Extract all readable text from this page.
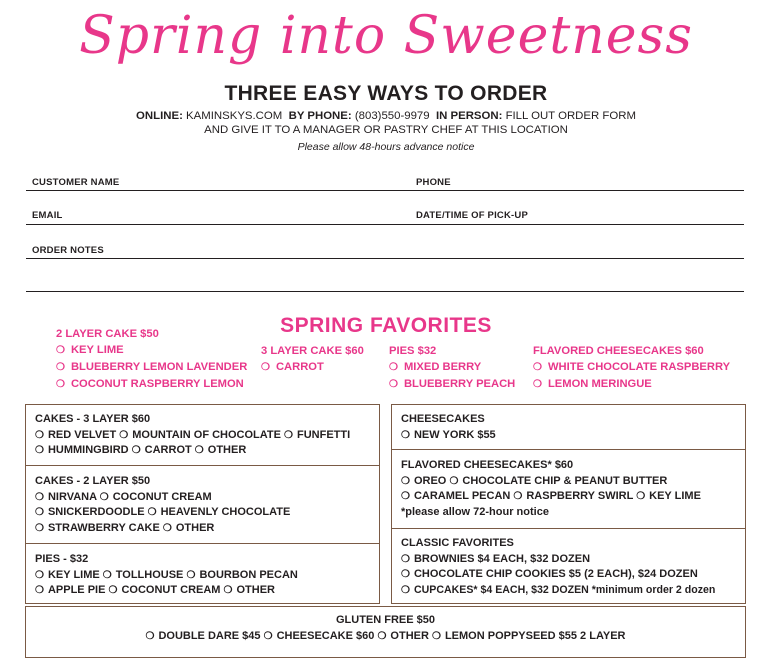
Spring into Sweetness
THREE EASY WAYS TO ORDER
ONLINE: KAMINSKYS.COM BY PHONE: (803)550-9979 IN PERSON: FILL OUT ORDER FORM
AND GIVE IT TO A MANAGER OR PASTRY CHEF AT THIS LOCATION
Please allow 48-hours advance notice
CUSTOMER NAME	PHONE
EMAIL	DATE/TIME OF PICK-UP
ORDER NOTES
SPRING FAVORITES
2 LAYER CAKE $50
❍ KEY LIME
❍ BLUEBERRY LEMON LAVENDER
❍ COCONUT RASPBERRY LEMON
3 LAYER CAKE $60
❍ CARROT
PIES $32
❍ MIXED BERRY
❍ BLUEBERRY PEACH
FLAVORED CHEESECAKES $60
❍ WHITE CHOCOLATE RASPBERRY
❍ LEMON MERINGUE
CAKES - 3 LAYER $60
❍ RED VELVET ❍ MOUNTAIN OF CHOCOLATE ❍ FUNFETTI
❍ HUMMINGBIRD ❍ CARROT ❍ OTHER
CAKES - 2 LAYER $50
❍ NIRVANA ❍ COCONUT CREAM
❍ SNICKERDOODLE ❍ HEAVENLY CHOCOLATE
❍ STRAWBERRY CAKE ❍ OTHER
PIES - $32
❍ KEY LIME ❍ TOLLHOUSE ❍ BOURBON PECAN
❍ APPLE PIE ❍ COCONUT CREAM ❍ OTHER
CHEESECAKES
❍ NEW YORK $55
FLAVORED CHEESECAKES* $60
❍ OREO ❍ CHOCOLATE CHIP & PEANUT BUTTER
❍ CARAMEL PECAN ❍ RASPBERRY SWIRL ❍ KEY LIME
*please allow 72-hour notice
CLASSIC FAVORITES
❍ BROWNIES $4 EACH, $32 DOZEN
❍ CHOCOLATE CHIP COOKIES $5 (2 EACH), $24 DOZEN
❍ CUPCAKES* $4 EACH, $32 DOZEN *minimum order 2 dozen
GLUTEN FREE $50
❍ DOUBLE DARE $45 ❍ CHEESECAKE $60 ❍ OTHER ❍ LEMON POPPYSEED $55 2 LAYER
